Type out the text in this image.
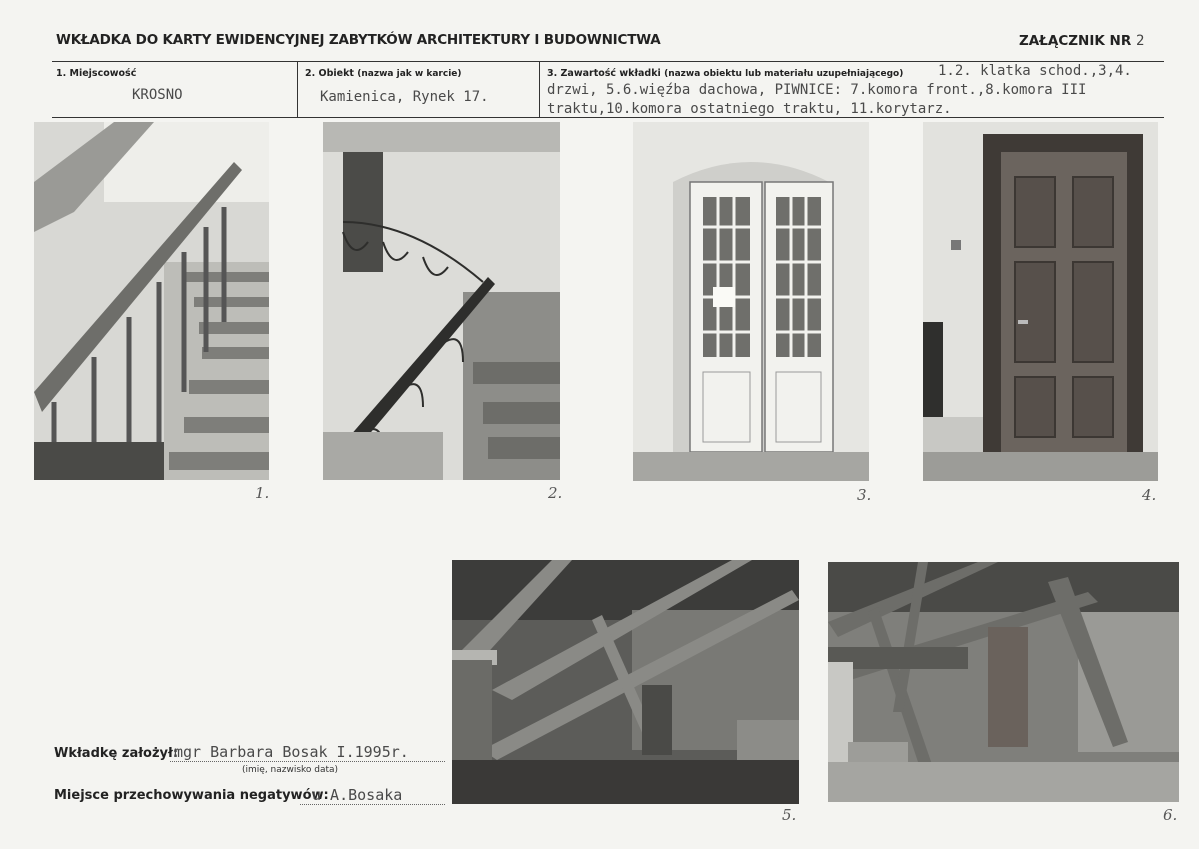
WKŁADKA DO KARTY EWIDENCYJNEJ ZABYTKÓW ARCHITEKTURY I BUDOWNICTWA	ZAŁĄCZNIK NR 2
1. Miejscowość
KROSNO
2. Obiekt (nazwa jak w karcie)
Kamienica, Rynek 17.
3. Zawartość wkładki (nazwa obiektu lub materiału uzupełniającego) 1.2. klatka schod.,3,4.
drzwi, 5.6.więźba dachowa, PIWNICE: 7.komora front.,8.komora III
traktu,10.komora ostatniego traktu, 11.korytarz.
1.	2.	3.	4.
5.	6.
Wkładkę założył:
mgr Barbara Bosak I.1995r.
(imię, nazwisko data)
Miejsce przechowywania negatywów:
u A.Bosaka
